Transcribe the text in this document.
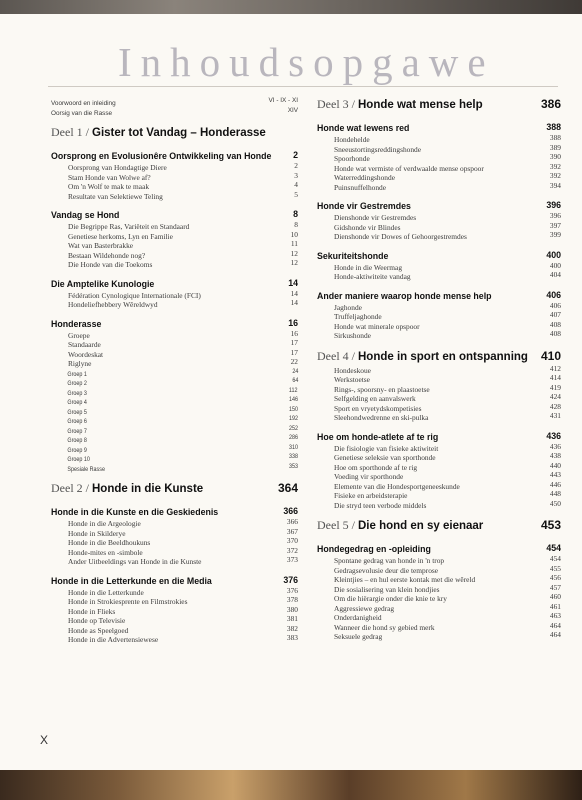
Inhoudsopgawe
Voorwoord en inleiding	VI - IX - XI
Oorsig van die Rasse	XIV
Deel 1 / Gister tot Vandag – Honderasse
Oorsprong en Evolusionêre Ontwikkeling van Honde 2
Oorsprong van Hondagtige Diere	2
Stam Honde van Wolwe af?	3
Om 'n Wolf te mak te maak	4
Resultate van Selektiewe Teling	5
Vandag se Hond	8
Die Begrippe Ras, Variëteit en Standaard	8
Genetiese herkoms, Lyn en Familie	10
Wat van Basterbrakke	11
Bestaan Wildehonde nog?	12
Die Honde van die Toekoms	12
Die Amptelike Kunologie	14
Fédération Cynologique Internationale (FCI)	14
Hondeliefhebbery Wêreldwyd	14
Honderasse	16
Groepe	16
Standaarde	17
Woordeskat	17
Riglyne	22
Groep 1	24
Groep 2	64
Groep 3	112
Groep 4	146
Groep 5	150
Groep 6	192
Groep 7	252
Groep 8	286
Groep 9	310
Groep 10	338
Spesiale Rasse	353
Deel 2 / Honde in die Kunste	364
Honde in die Kunste en die Geskiedenis	366
Honde in die Argeologie	366
Honde in Skilderye	367
Honde in die Beeldhoukuns	370
Honde-mites en -simbole	372
Ander Uitbeeldings van Honde in die Kunste	373
Honde in die Letterkunde en die Media	376
Honde in die Letterkunde	376
Honde in Strokiesprente en Filmstrokies	378
Honde in Flieks	380
Honde op Televisie	381
Honde as Speelgoed	382
Honde in die Advertensiewese	383
Deel 3 / Honde wat mense help	386
Honde wat lewens red	388
Hondehelde	388
Sneeustortingsreddingshonde	389
Spoorhonde	390
Honde wat vermiste of verdwaalde mense opspoor	392
Waterreddingshonde	392
Puinsnuffelhonde	394
Honde vir Gestremdes	396
Dienshonde vir Gestremdes	396
Gidshonde vir Blindes	397
Dienshonde vir Dowes of Gehoorgestremdes	399
Sekuriteitshonde	400
Honde in die Weermag	400
Honde-aktiwiteite vandag	404
Ander maniere waarop honde mense help	406
Jaghonde	406
Truffeljaghonde	407
Honde wat minerale opspoor	408
Sirkushonde	408
Deel 4 / Honde in sport en ontspanning 410
Hondeskoue	412
Werkstoetse	414
Rings-, spoorsny- en plaastoetse	419
Selfgelding en aanvalswerk	424
Sport en vryetydskompetisies	428
Sleehondwedrenne en ski-pulka	431
Hoe om honde-atlete af te rig	436
Die fisiologie van fisieke aktiwiteit	436
Genetiese seleksie van sporthonde	438
Hoe om sporthonde af te rig	440
Voeding vir sporthonde	443
Elemente van die Hondesportgeneeskunde	446
Fisieke en arbeidsterapie	448
Die stryd teen verbode middels	450
Deel 5 / Die hond en sy eienaar	453
Hondegedrag en -opleiding	454
Spontane gedrag van honde in 'n trop	454
Gedragsevolusie deur die temprose	455
Kleintjies – en hul eerste kontak met die wêreld	456
Die sosialisering van klein hondjies	457
Om die hiërargie onder die knie te kry	460
Aggressiewe gedrag	461
Onderdanigheid	463
Wanneer die hond sy gebied merk	464
Seksuele gedrag	464
X
